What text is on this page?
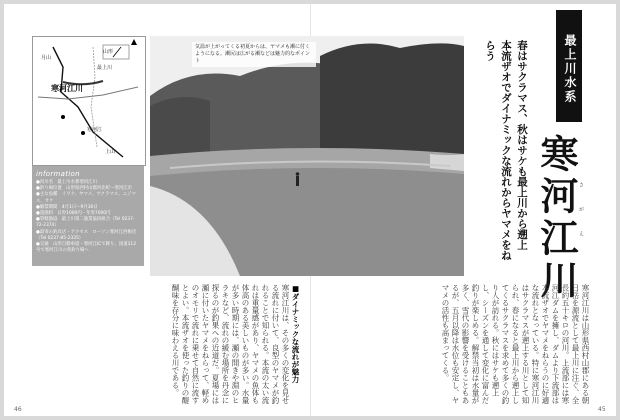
寒河江川
山形
寒河江
上山
月山
最上川
information
●河川名　最上川水系寒河江川
●釣り場位置　山形県西村山郡河北町〜寒河江市
●主な魚種　イワナ、ヤマメ、サクラマス、ニジマス、サケ
●解禁期間　4月1日〜9月30日
●遊漁料　日券1000円・年券7000円
●管轄漁協　最上川第二漁業協同組合（Tel 0237-72-2374）
●最寄の釣具店・アクセス　ローソン寒河江西根店（Tel 0237-85-2335）
●交通　山形自動車道・寒河江ICで降り、国道112号で寒河江川の各釣り場へ
気温が上がってくる初夏からは、ヤマメも瀬に付くようになる。瀬尻は広がる瀬などは魅力的なポイント	最上川水系
寒河江川 さ が え
春はサクラマス、秋はサケも最上川から遡上
本流ザオでダイナミックな流れからヤマメをねらう
寒河江川は山形県西村山郡にある朝日岳を源流として最上川に注ぐ、全長約五十キロの河川。上流部には寒河江ダムを擁し、ダムより下流部は本流ザオでヤマメをねらうのに好適な流れとなっている。特に寒河江川はサクラマスが遡上する川として知られ、春になると最上川から遡上してくるサクラマスを求めて多くの釣り人が訪れる。秋にはサケも遡上し、シーズンを通して変化に富んだ釣りが楽しめる。解禁当初は水量が多く、雪代の影響を受けることもあるが、五月以降は水位も安定し、ヤマメの活性も高まってくる。
■ダイナミックな流れが魅力
寒河江川は、その多くの変化を見せる流れに付いて、良型のヤマメが釣れることで知られる。本流の太い流れは重量感があり、ヤマメの魚体も体高のある美しいものが多い。水量が多い時期には、瀬の開きや淵のヒラキなど、流れの緩む場所を丹念に探るのが釣果への近道だ。夏場には瀬に付いたヤマメをねらって、軽めのオモリで流れに乗せて自然に流すとよい。本流ザオを使った釣りの醍醐味を存分に味わえる川である。
46	45
